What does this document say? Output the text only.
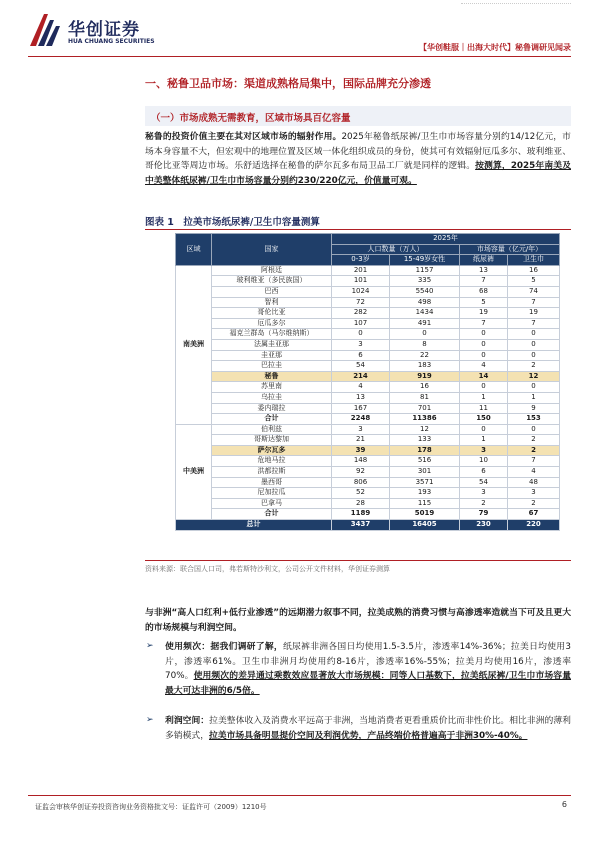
华创证券
HUA CHUANG SECURITIES
【华创鞋服｜出海大时代】秘鲁调研见闻录
一、秘鲁卫品市场：渠道成熟格局集中，国际品牌充分渗透
（一）市场成熟无需教育，区域市场具百亿容量
秘鲁的投资价值主要在其对区域市场的辐射作用。2025年秘鲁纸尿裤/卫生巾市场容量分别约14/12亿元，市场本身容量不大，但宏观中的地理位置及区域一体化组织成员的身份，使其可有效辐射厄瓜多尔、玻利维亚、哥伦比亚等周边市场。乐舒适选择在秘鲁的萨尔瓦多布局卫品工厂就是同样的逻辑。按测算，2025年南美及中美整体纸尿裤/卫生巾市场容量分别约230/220亿元，价值量可观。
图表 1　拉美市场纸尿裤/卫生巾容量测算
区域	国家	2025年			
		人口数量（万人）		市场容量（亿元/年）	
		0-3岁	15-49岁女性	纸尿裤	卫生巾
南美洲	阿根廷	201	1157	13	16
	玻利维亚（多民族国）	101	335	7	5
	巴西	1024	5540	68	74
	智利	72	498	5	7
	哥伦比亚	282	1434	19	19
	厄瓜多尔	107	491	7	7
	福克兰群岛（马尔维纳斯）	0	0	0	0
	法属圭亚那	3	8	0	0
	圭亚那	6	22	0	0
	巴拉圭	54	183	4	2
	秘鲁	214	919	14	12
	苏里南	4	16	0	0
	乌拉圭	13	81	1	1
	委内瑞拉	167	701	11	9
	合计	2248	11386	150	153
中美洲	伯利兹	3	12	0	0
	哥斯达黎加	21	133	1	2
	萨尔瓦多	39	178	3	2
	危地马拉	148	516	10	7
	洪都拉斯	92	301	6	4
	墨西哥	806	3571	54	48
	尼加拉瓜	52	193	3	3
	巴拿马	28	115	2	2
	合计	1189	5019	79	67
总计		3437	16405	230	220
资料来源：联合国人口司，弗若斯特沙利文，公司公开文件材料，华创证券测算
与非洲“高人口红利+低行业渗透”的远期潜力叙事不同，拉美成熟的消费习惯与高渗透率造就当下可及且更大的市场规模与利润空间。
➢ 使用频次：据我们调研了解，纸尿裤非洲各国日均使用1.5-3.5片，渗透率14%-36%；拉美日均使用3片，渗透率61%。卫生巾非洲月均使用约8-16片，渗透率16%-55%；拉美月均使用16片，渗透率70%。使用频次的差异通过乘数效应显著放大市场规模：同等人口基数下，拉美纸尿裤/卫生巾市场容量最大可达非洲的6/5倍。
➢ 利润空间：拉美整体收入及消费水平远高于非洲，当地消费者更看重质价比而非性价比。相比非洲的薄利多销模式，拉美市场具备明显提价空间及利润优势，产品终端价格普遍高于非洲30%-40%。
证监会审核华创证券投资咨询业务资格批文号：证监许可（2009）1210号	6
